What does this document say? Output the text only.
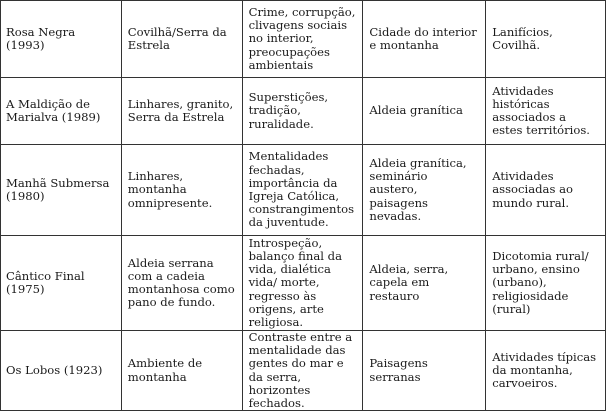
Rosa Negra (1993)	Covilhã/Serra da Estrela	Crime, corrupção, clivagens sociais no interior, preocupações ambientais	Cidade do interior e montanha	Lanifícios, Covilhã.
A Maldição de Marialva (1989)	Linhares, granito, Serra da Estrela	Superstições, tradição, ruralidade.	Aldeia granítica	Atividades históricas associados a estes territórios.
Manhã Submersa (1980)	Linhares, montanha omnipresente.	Mentalidades fechadas, importância da Igreja Católica, constrangimentos da juventude.	Aldeia granítica, seminário austero, paisagens nevadas.	Atividades associadas ao mundo rural.
Cântico Final (1975)	Aldeia serrana com a cadeia montanhosa como pano de fundo.	Introspeção, balanço final da vida, dialética vida/ morte, regresso às origens, arte religiosa.	Aldeia, serra, capela em restauro	Dicotomia rural/ urbano, ensino (urbano), religiosidade (rural)
Os Lobos (1923)	Ambiente de montanha	Contraste entre a mentalidade das gentes do mar e da serra, horizontes fechados.	Paisagens serranas	Atividades típicas da montanha, carvoeiros.
